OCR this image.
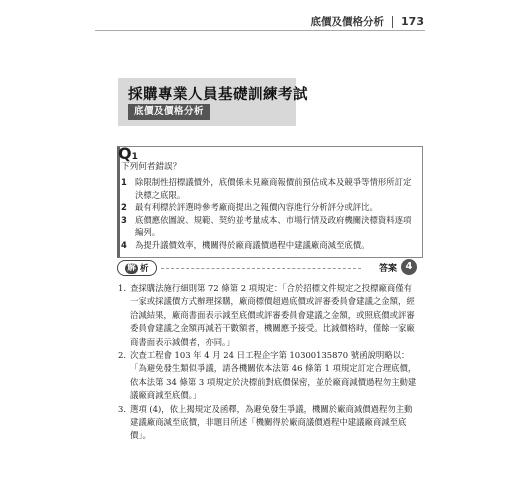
底價及價格分析 173
採購專業人員基礎訓練考試
底價及價格分析
Q1
下列何者錯誤？
1 除限制性招標議價外，底價係未見廠商報價前預估成本及競爭等情形所訂定決標之底限。
2 最有利標於評選時參考廠商提出之報價內容進行分析評分或評比。
3 底價應依圖說、規範、契約並考量成本、市場行情及政府機關決標資料逐項編列。
4 為提升議價效率，機關得於廠商議價過程中建議廠商減至底價。
解 析	答案 4
1. 查採購法施行細則第 72 條第 2 項規定：「合於招標文件規定之投標廠商僅有一家或採議價方式辦理採購，廠商標價超過底價或評審委員會建議之金額，經洽減結果，廠商書面表示減至底價或評審委員會建議之金額，或照底價或評審委員會建議之金額再減若干數額者，機關應予接受。比減價格時，僅餘一家廠商書面表示減價者，亦同。」
2. 次查工程會 103 年 4 月 24 日工程企字第 10300135870 號函說明略以：「為避免發生類似爭議，請各機關依本法第 46 條第 1 項規定訂定合理底價，依本法第 34 條第 3 項規定於決標前對底價保密，並於廠商減價過程勿主動建議廠商減至底價。」
3. 選項 (4)，依上揭規定及函釋，為避免發生爭議，機關於廠商減價過程勿主動建議廠商減至底價，非題目所述「機關得於廠商議價過程中建議廠商減至底價」。
